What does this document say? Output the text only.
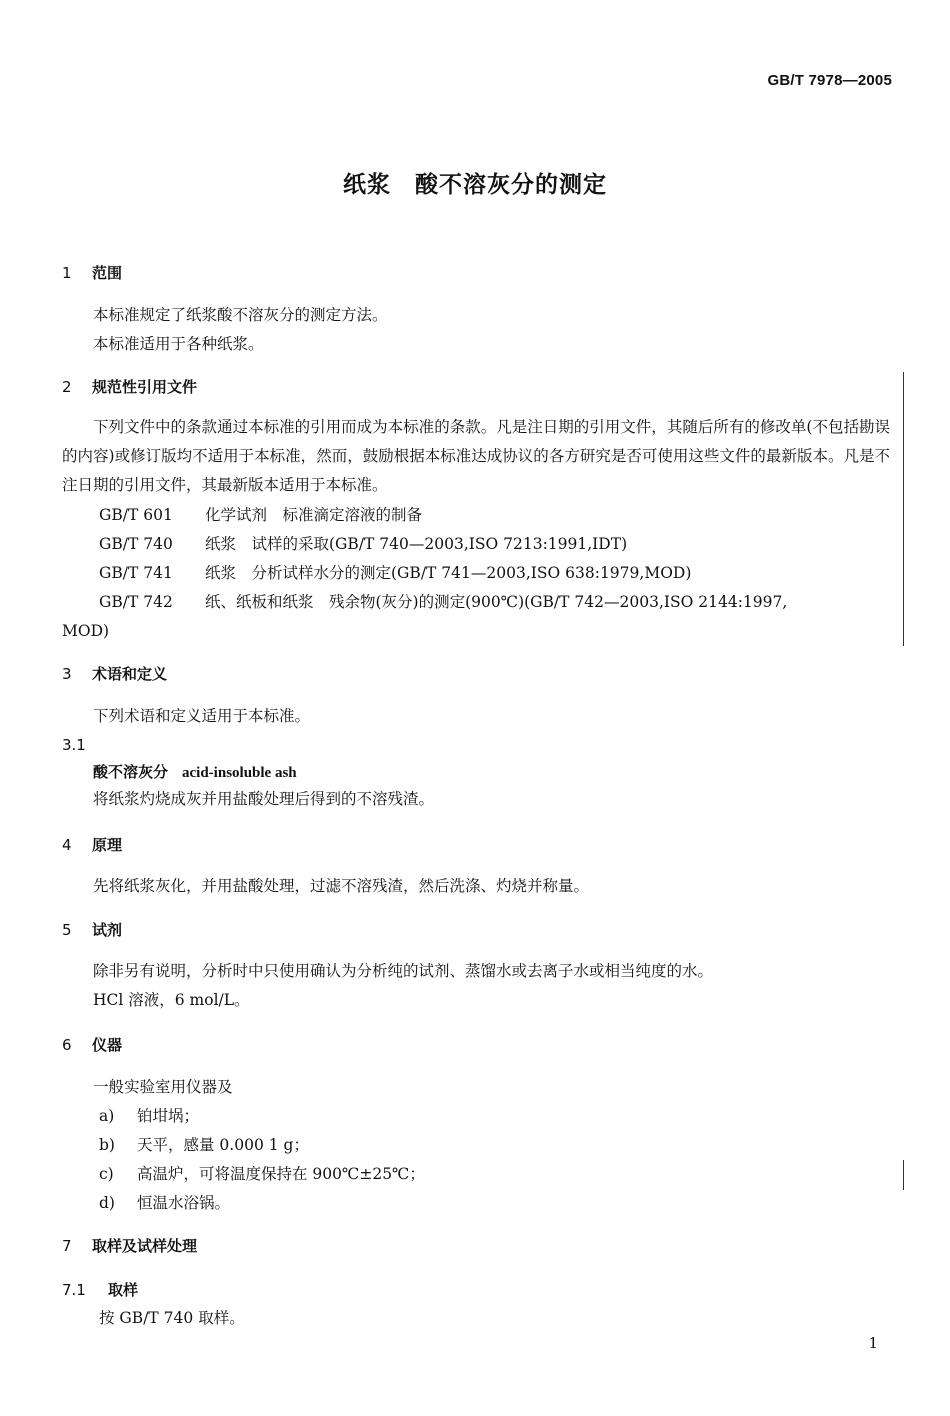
GB/T 7978—2005
纸浆　酸不溶灰分的测定
1 范围
本标准规定了纸浆酸不溶灰分的测定方法。
本标准适用于各种纸浆。
2 规范性引用文件
下列文件中的条款通过本标准的引用而成为本标准的条款。凡是注日期的引用文件，其随后所有的修改单(不包括勘误的内容)或修订版均不适用于本标准，然而，鼓励根据本标准达成协议的各方研究是否可使用这些文件的最新版本。凡是不注日期的引用文件，其最新版本适用于本标准。
GB/T 601 化学试剂　标准滴定溶液的制备
GB/T 740 纸浆　试样的采取(GB/T 740—2003,ISO 7213:1991,IDT)
GB/T 741 纸浆　分析试样水分的测定(GB/T 741—2003,ISO 638:1979,MOD)
GB/T 742 纸、纸板和纸浆　残余物(灰分)的测定(900℃)(GB/T 742—2003,ISO 2144:1997,
MOD)
3 术语和定义
下列术语和定义适用于本标准。
3.1
酸不溶灰分 acid-insoluble ash
将纸浆灼烧成灰并用盐酸处理后得到的不溶残渣。
4 原理
先将纸浆灰化，并用盐酸处理，过滤不溶残渣，然后洗涤、灼烧并称量。
5 试剂
除非另有说明，分析时中只使用确认为分析纯的试剂、蒸馏水或去离子水或相当纯度的水。
HCl 溶液，6 mol/L。
6 仪器
一般实验室用仪器及
a) 铂坩埚；
b) 天平，感量 0.000 1 g；
c) 高温炉，可将温度保持在 900℃±25℃；
d) 恒温水浴锅。
7 取样及试样处理
7.1 取样
按 GB/T 740 取样。
1
